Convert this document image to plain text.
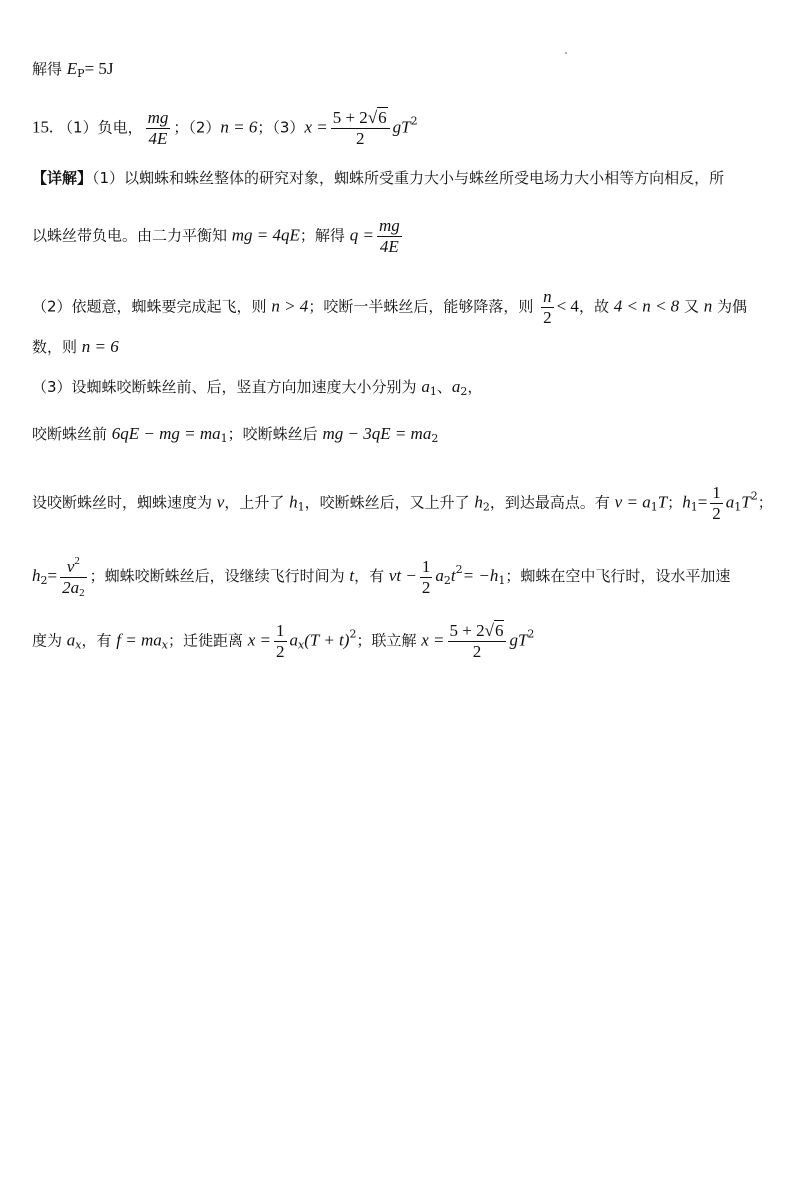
解得 $E_P= 5J$
15. （1）负电， $\frac{mg}{4E}$ ；（2）n = 6；$(3)x = \frac{5 + 2√6}{2} gT^2$
【详解】（1）以蜘蛛和蛛丝整体的研究对象，蜘蛛所受重力大小与蛛丝所受电场力大小相等方向相反，所
以蛛丝带负电。由二力平衡知 mg = 4qE；解得 $q = \frac{mg}{4E}$
（2）依题意，蜘蛛要完成起飞，则 n > 4；咬断一半蛛丝后，能够降落，则 $\frac{n}{2} < 4$，故 4 < n < 8 又 n 为偶
数，则 n = 6
（3）设蜘蛛咬断蛛丝前、后，竖直方向加速度大小分别为 $a_1$、$a_2$，
咬断蛛丝前 6qE − mg = $ma_1$；咬断蛛丝后 mg − $3qE = ma_2$
设咬断蛛丝时，蜘蛛速度为 v，上升了 $h_1$，咬断蛛丝后，又上升了 $h_2$，到达最高点。有 $v = a_1T$；$h_1= \frac{1}{2} a_1T^2$；
$h_2= \frac{v^2}{2a_2}$ ；蜘蛛咬断蛛丝后，设继续飞行时间为 t，有 vt − $\frac{1}{2} a_2t^2= -h_1$；蜘蛛在空中飞行时，设水平加速
度为 $a_x$，有 $f = ma_x$；迁徙距离 $x = \frac{1}{2} a_x(T + t)^2$；联立解 $x = \frac{5 + 2√6}{2} gT^2$
